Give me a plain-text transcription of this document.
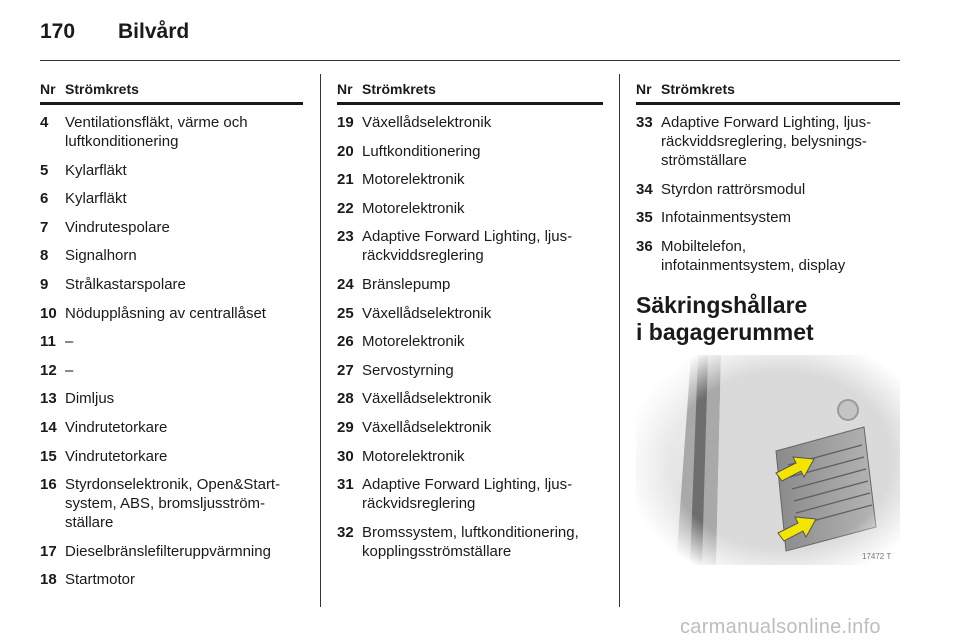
170 Bilvård
Nr Strömkrets
4	Ventilationsfläkt, värme och
luftkonditionering
5	Kylarfläkt
6	Kylarfläkt
7	Vindrutespolare
8	Signalhorn
9	Strålkastarspolare
10 Nödupplåsning av centrallåset
11 –
12 –
13 Dimljus
14 Vindrutetorkare
15 Vindrutetorkare
16 Styrdonselektronik, Open&Start-
system, ABS, bromsljusström-
ställare
17 Dieselbränslefilteruppvärmning
18 Startmotor
Nr Strömkrets
19 Växellådselektronik
20 Luftkonditionering
21 Motorelektronik
22 Motorelektronik
23 Adaptive Forward Lighting, ljus-
räckviddsreglering
24 Bränslepump
25 Växellådselektronik
26 Motorelektronik
27 Servostyrning
28 Växellådselektronik
29 Växellådselektronik
30 Motorelektronik
31 Adaptive Forward Lighting, ljus-
räckvidsreglering
32 Bromssystem, luftkonditionering,
kopplingsströmställare
Nr Strömkrets
33 Adaptive Forward Lighting, ljus-
räckviddsreglering, belysnings-
strömställare
34 Styrdon rattrörsmodul
35 Infotainmentsystem
36 Mobiltelefon,
infotainmentsystem, display
Säkringshållare
i bagagerummet
17472 T
carmanualsonline.info
